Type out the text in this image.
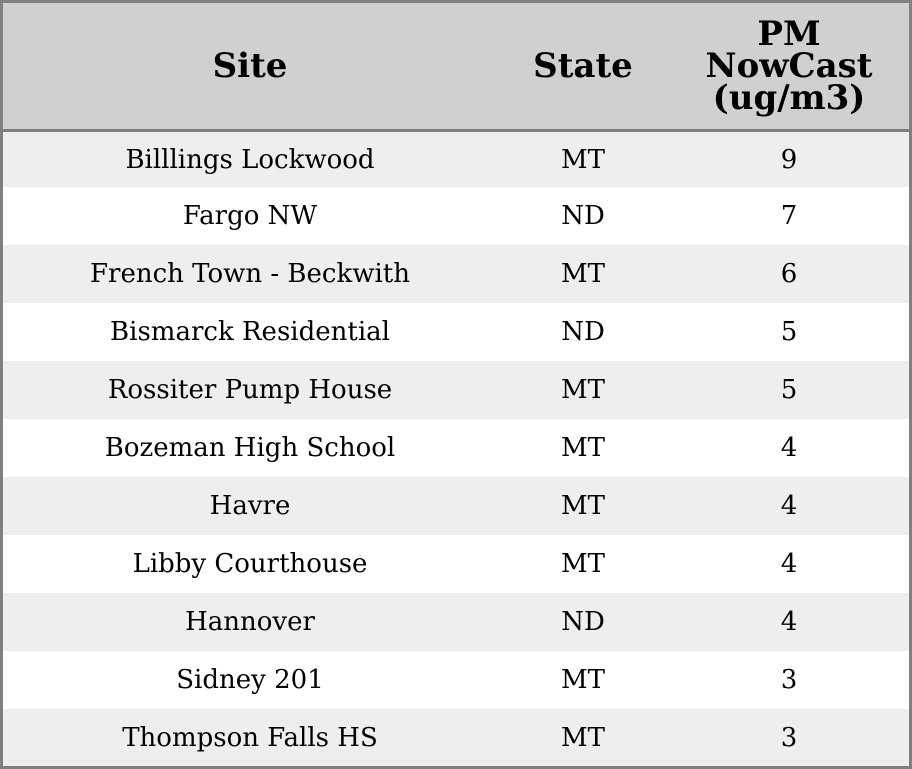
Site	State	PM
NowCast
(ug/m3)

Billlings Lockwood	MT	9
Fargo NW	ND	7
French Town - Beckwith	MT	6
Bismarck Residential	ND	5
Rossiter Pump House	MT	5
Bozeman High School	MT	4
Havre	MT	4
Libby Courthouse	MT	4
Hannover	ND	4
Sidney 201	MT	3
Thompson Falls HS	MT	3
